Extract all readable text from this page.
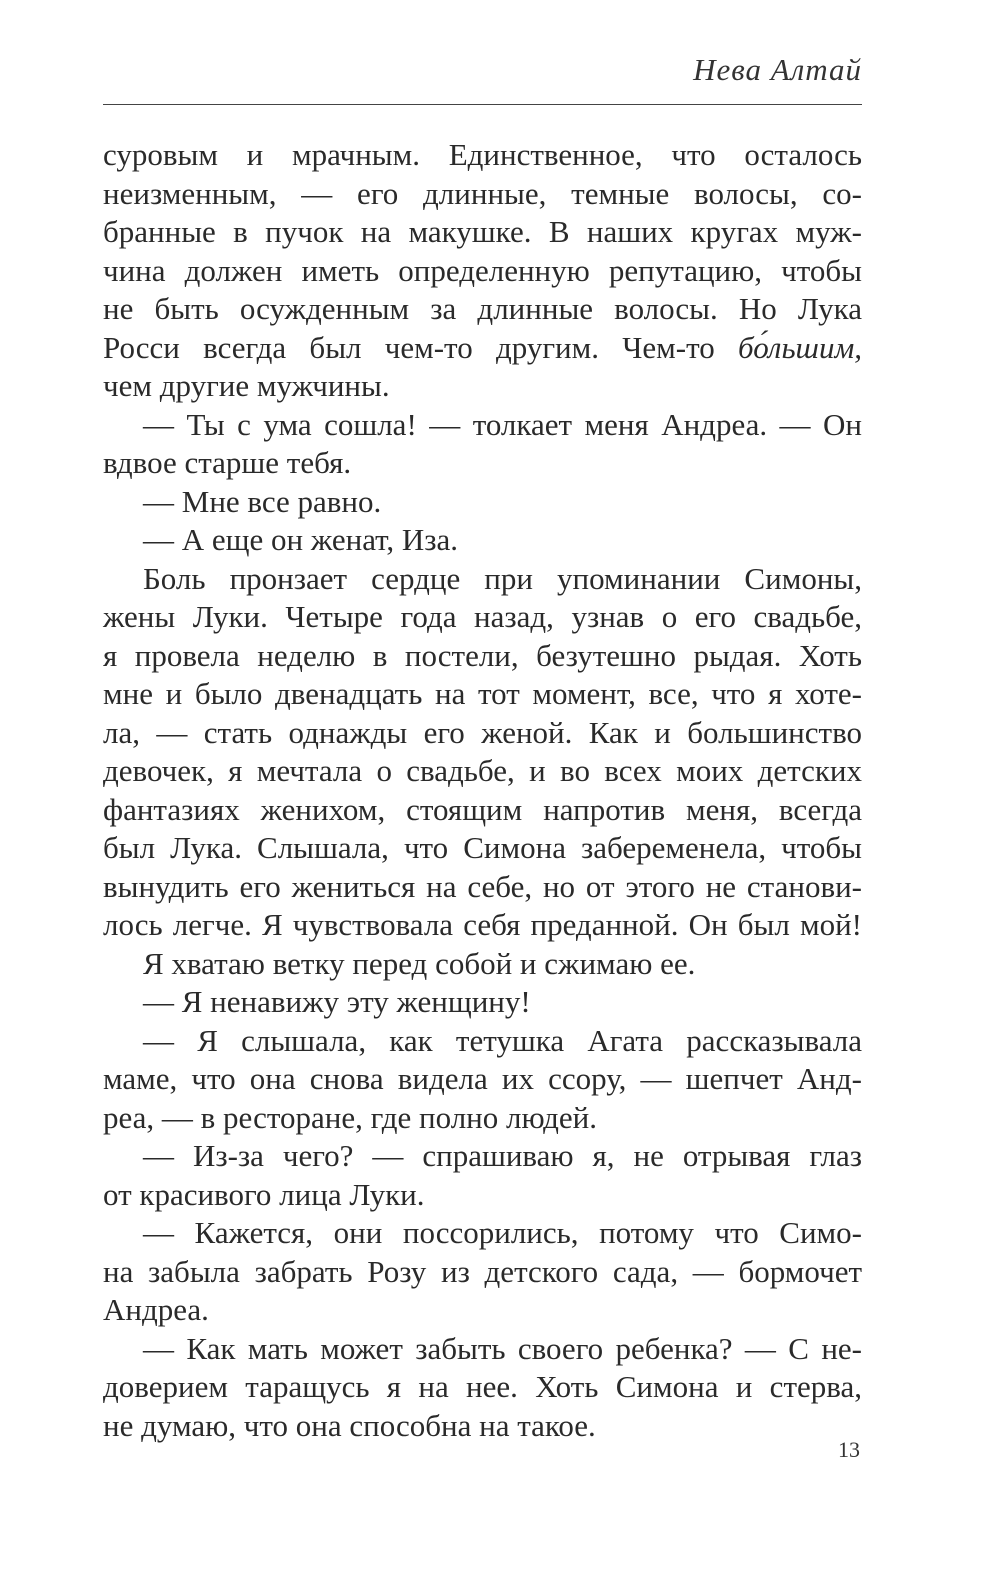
Нева Алтай
суровым и мрачным. Единственное, что осталось
неизменным, — его длинные, темные волосы, со-
бранные в пучок на макушке. В наших кругах муж-
чина должен иметь определенную репутацию, чтобы
не быть осужденным за длинные волосы. Но Лука
Росси всегда был чем-то другим. Чем-то бо́льшим,
чем другие мужчины.
— Ты с ума сошла! — толкает меня Андреа. — Он
вдвое старше тебя.
— Мне все равно.
— А еще он женат, Иза.
Боль пронзает сердце при упоминании Симоны,
жены Луки. Четыре года назад, узнав о его свадьбе,
я провела неделю в постели, безутешно рыдая. Хоть
мне и было двенадцать на тот момент, все, что я хоте-
ла, — стать однажды его женой. Как и большинство
девочек, я мечтала о свадьбе, и во всех моих детских
фантазиях женихом, стоящим напротив меня, всегда
был Лука. Слышала, что Симона забеременела, чтобы
вынудить его жениться на себе, но от этого не станови-
лось легче. Я чувствовала себя преданной. Он был мой!
Я хватаю ветку перед собой и сжимаю ее.
— Я ненавижу эту женщину!
— Я слышала, как тетушка Агата рассказывала
маме, что она снова видела их ссору, — шепчет Анд-
реа, — в ресторане, где полно людей.
— Из-за чего? — спрашиваю я, не отрывая глаз
от красивого лица Луки.
— Кажется, они поссорились, потому что Симо-
на забыла забрать Розу из детского сада, — бормочет
Андреа.
— Как мать может забыть своего ребенка? — С не-
доверием таращусь я на нее. Хоть Симона и стерва,
не думаю, что она способна на такое.
13
